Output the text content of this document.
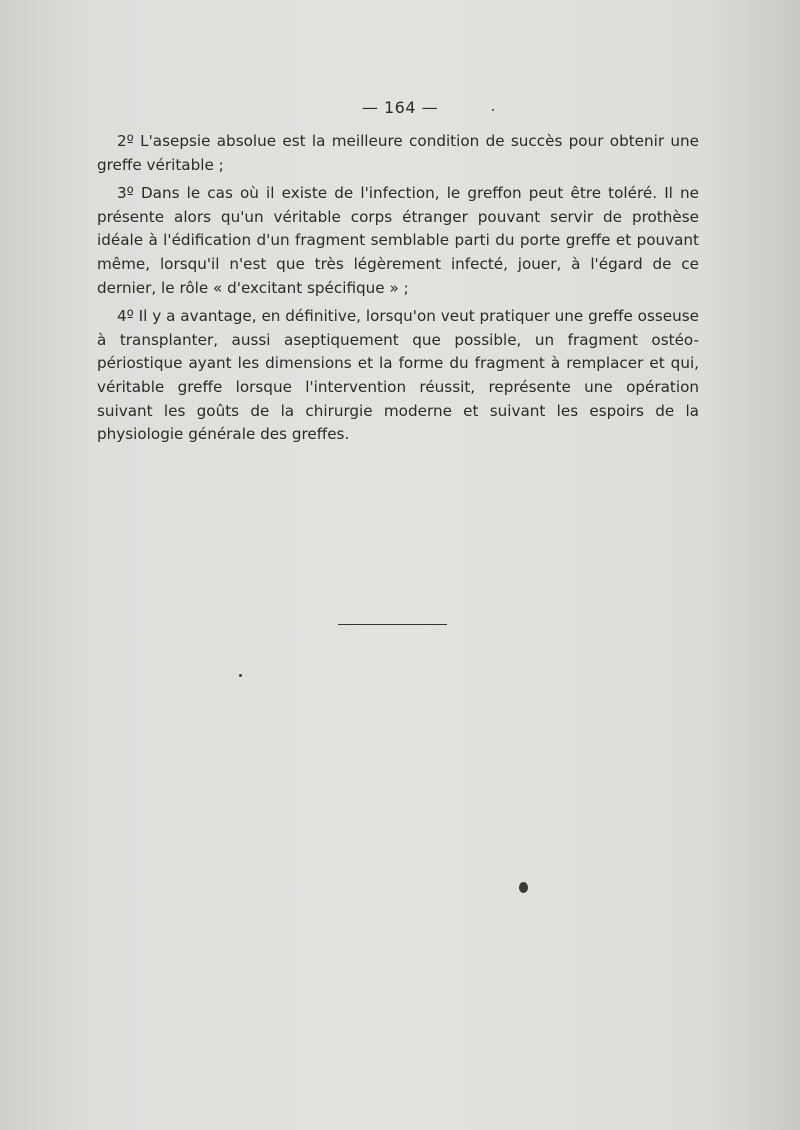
— 164 —

2º L'asepsie absolue est la meilleure condition de succès pour obtenir une greffe véritable ;

3º Dans le cas où il existe de l'infection, le greffon peut être toléré. Il ne présente alors qu'un véritable corps étranger pouvant servir de prothèse idéale à l'édification d'un fragment semblable parti du porte greffe et pouvant même, lorsqu'il n'est que très légèrement infecté, jouer, à l'égard de ce dernier, le rôle « d'excitant spécifique » ;

4º Il y a avantage, en définitive, lorsqu'on veut pratiquer une greffe osseuse à transplanter, aussi aseptiquement que possible, un fragment ostéo-périostique ayant les dimensions et la forme du fragment à remplacer et qui, véritable greffe lorsque l'intervention réussit, représente une opération suivant les goûts de la chirurgie moderne et suivant les espoirs de la physiologie générale des greffes.
